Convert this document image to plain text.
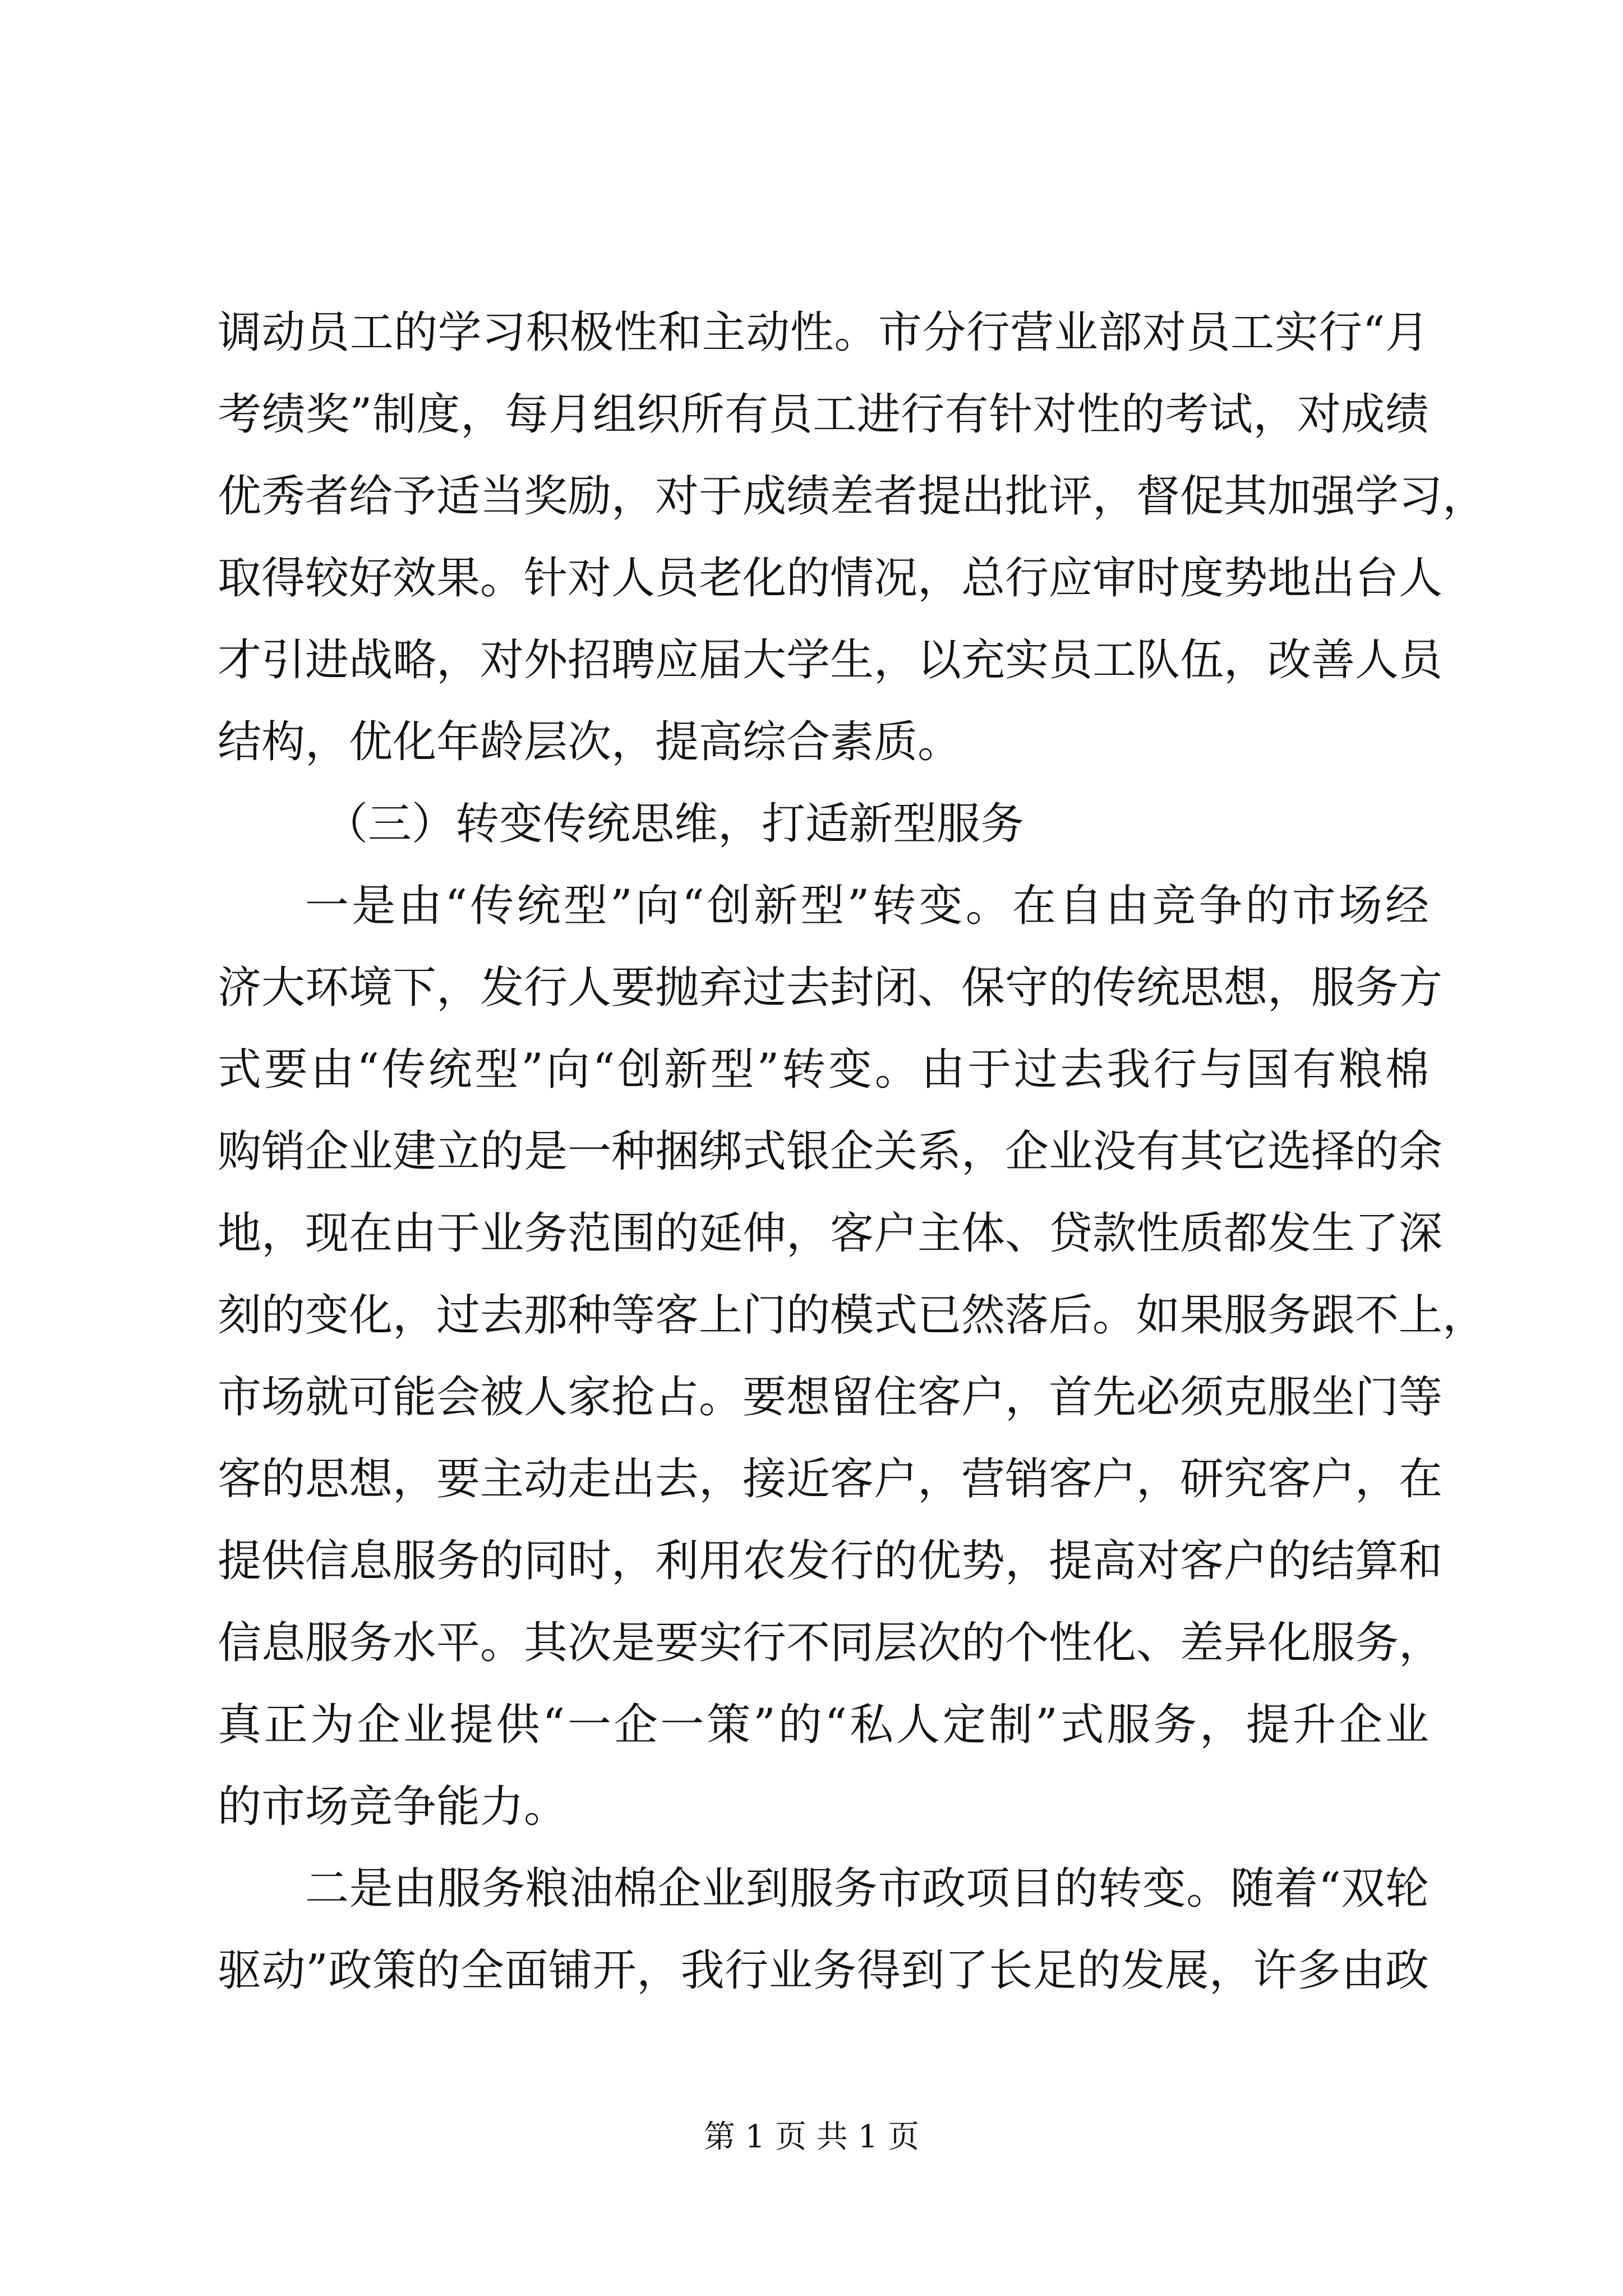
调动员工的学习积极性和主动性。市分行营业部对员工实行“月
考绩奖”制度，每月组织所有员工进行有针对性的考试，对成绩
优秀者给予适当奖励，对于成绩差者提出批评，督促其加强学习，
取得较好效果。针对人员老化的情况，总行应审时度势地出台人
才引进战略，对外招聘应届大学生，以充实员工队伍，改善人员
结构，优化年龄层次，提高综合素质。
（三）转变传统思维，打适新型服务
一是由“传统型”向“创新型”转变。在自由竞争的市场经
济大环境下，发行人要抛弃过去封闭、保守的传统思想，服务方
式要由“传统型”向“创新型”转变。由于过去我行与国有粮棉
购销企业建立的是一种捆绑式银企关系，企业没有其它选择的余
地，现在由于业务范围的延伸，客户主体、贷款性质都发生了深
刻的变化，过去那种等客上门的模式已然落后。如果服务跟不上，
市场就可能会被人家抢占。要想留住客户，首先必须克服坐门等
客的思想，要主动走出去，接近客户，营销客户，研究客户，在
提供信息服务的同时，利用农发行的优势，提高对客户的结算和
信息服务水平。其次是要实行不同层次的个性化、差异化服务，
真正为企业提供“一企一策”的“私人定制”式服务，提升企业
的市场竞争能力。
二是由服务粮油棉企业到服务市政项目的转变。随着“双轮
驱动”政策的全面铺开，我行业务得到了长足的发展，许多由政
第 1 页 共 1 页
